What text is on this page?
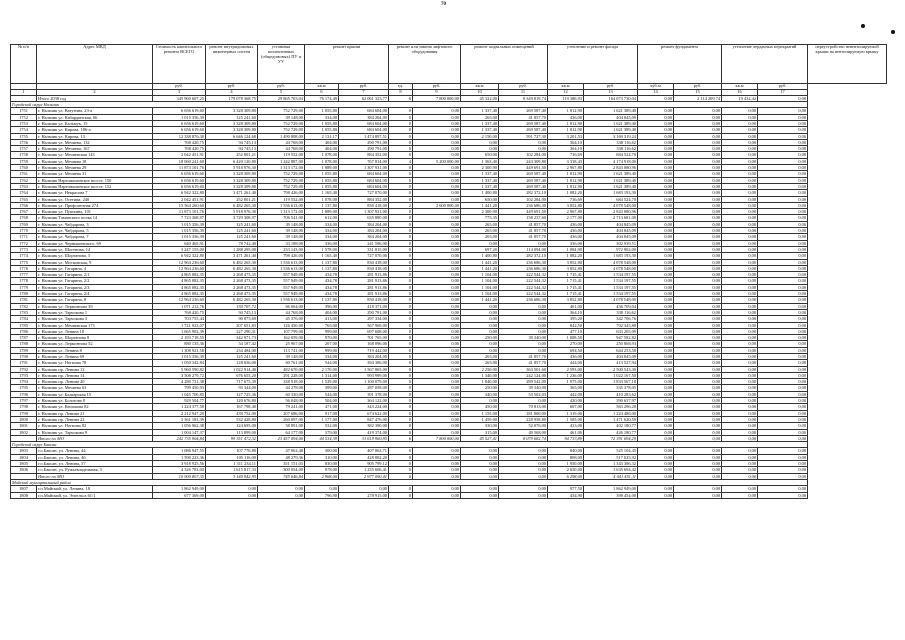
70
№ п/п	Адрес МКД	Стоимость капитального ремонта ВСЕГО	ремонт внутридомовых инженерных систем	установка коллективных (общедомовых) ПУ и УУ	ремонт крыши		ремонт или замена лифтового оборудования		ремонт подвальных помещений		утепление и ремонт фасада		ремонт фундамента		утепление чердачных перекрытий		переустройство невентилируемой крыши на вентилируемую крышу
		руб.	руб.	руб.	кв.м	руб.	ед.	руб.	кв.м	руб.	кв.м	руб.	куб.м	руб.	кв.м	руб.	
1	2	3	4	5	6	7	8	9	10	11	12	13	14	15	16	17	
	Итого 2038 год	345 960 607,25	179 078 368,75	29 865 703,04	76 174,49	62 061 323,77	6	7 800 000,00	45 322,00	8 349 819,74	119 386,93	164 073 730,04	0,00	2 114 209,74	19 432,42	0,00	
Городской округ Нальчик																	
1751	г. Нальчик ул. Ватутина, 23-а	6 656 619,60	3 328 309,80	752 729,00	1 055,80	684 604,00	0	0,00	1 337,40	269 587,40	1 812,90	1 621 389,40	0,00	0,00	0,00	0,00	
1752	г. Нальчик ул. Кабардинская, 66	1 015 356,39	125 241,60	39 148,00	334,00	384 204,00	0	0,00	265,00	41 857,70	436,00	404 845,09	0,00	0,00	0,00	0,00	
1753	г. Нальчик ул. Кальмук, 15	6 656 619,60	3 328 309,80	752 729,00	1 055,80	684 604,00	0	0,00	1 337,40	269 587,40	1 812,90	1 621 389,40	0,00	0,00	0,00	0,00	
1754	г. Нальчик ул. Кирова, 186-а	6 656 619,60	3 328 309,80	752 729,00	1 055,80	684 604,00	0	0,00	1 337,40	269 587,40	1 812,90	1 621 389,40	0,00	0,00	0,00	0,00	
1755	г. Нальчик ул. Кирова, 13	12 338 876,30	6 646 124,68	1 490 808,00	2 131,17	1 474 897,51	0	0,00	2 150,00	591 727,30	3 201,53	3 169 319,24	0,00	0,00	0,00	0,00	
1756	г. Нальчик ул. Мечиева, 132	768 420,75	94 745,13	44 768,00	404,00	290 791,00	0	0,00	0,00	0,00	364,10	338 116,62	0,00	0,00	0,00	0,00	
1757	г. Нальчик ул. Мечиева, 167	768 420,75	94 745,13	44 768,00	404,00	290 791,00	0	0,00	0,00	0,00	364,10	338 116,62	0,00	0,00	0,00	0,00	
1758	г. Нальчик ул. Мечиевская 143	2 042 451,91	252 801,21	119 552,00	1 078,00	884 352,00	0	0,00	650,00	102 284,00	736,69	684 524,70	0,00	0,00	0,00	0,00	
1759	г. Нальчик ул. Мечиева 18	18 060 241,60	6 420 120,80	1 242 887,00	1 078,00	767 814,00	4	5 200 000,00	1 363,40	243 309,80	3 318,43	4 174 918,00	0,00	0,00	0,00	0,00	
1760	г. Нальчик ул. Мечиева 29	11 873 101,76	5 918 976,30	1 313 172,00	1 889,00	1 307 931,00	0	0,00	2 300,90	449 691,50	2 967,80	2 843 080,96	0,00	0,00	0,00	0,00	
1761	г. Нальчик ул. Мечиева 31	6 656 619,60	3 328 309,80	752 729,00	1 055,80	684 604,00	0	0,00	1 337,40	269 587,40	1 812,90	1 621 389,40	0,00	0,00	0,00	0,00	
1762	г. Нальчик Нартшкалинское шоссе, 150	6 656 619,60	3 328 309,80	752 729,00	1 055,80	684 604,00	0	0,00	1 337,40	269 587,40	1 812,90	1 621 389,40	0,00	0,00	0,00	0,00	
1763	г. Нальчик Нартшкалинское шоссе, 152	6 656 619,60	3 328 309,80	752 729,00	1 055,80	684 604,00	0	0,00	1 337,40	269 587,40	1 812,90	1 621 389,40	0,00	0,00	0,00	0,00	
1764	г. Нальчик ул. Некрасова 7	6 942 322,80	3 471 261,40	798 426,00	1 165,40	727 070,00	0	0,00	1 400,80	282 372,10	1 882,20	1 683 193,30	0,00	0,00	0,00	0,00	
1765	г. Нальчик ул. Осетина, 240	2 042 451,91	252 801,21	119 552,00	1 078,00	884 352,00	0	0,00	650,00	102 284,00	736,69	684 524,70	0,00	0,00	0,00	0,00	
1766	г. Нальчик ул. Профсоюзная 274	15 564 260,60	6 482 265,30	1 536 613,00	1 137,80	830 418,00	2	2 600 000,00	1 441,20	236 686,30	3 852,80	4 078 548,00	0,00	0,00	0,00	0,00	
1767	г. Нальчик ул. Пушкина, 101	11 873 101,76	5 918 976,30	1 313 172,00	1 889,00	1 307 931,00	0	0,00	2 300,90	449 691,50	2 967,80	2 843 080,96	0,00	0,00	0,00	0,00	
1768	г. Нальчик Таманского полка 14	7 723 368,97	3 729 308,97	706 541,00	612,00	635 880,00	0	0,00	775,35	158 237,60	2 177,00	2 713 681,00	0,00	0,00	0,00	0,00	
1769	г. Нальчик ул. Чабдарова, 3	1 015 356,39	125 241,60	39 148,00	334,00	384 204,00	0	0,00	265,00	41 857,70	436,00	404 845,09	0,00	0,00	0,00	0,00	
1770	г. Нальчик ул. Чабдарова, 5	1 015 356,39	125 241,60	39 148,00	334,00	384 204,00	0	0,00	265,00	41 857,70	436,00	404 845,09	0,00	0,00	0,00	0,00	
1771	г. Нальчик ул. Чабдарова, 7	1 015 356,39	125 241,60	39 148,00	334,00	384 204,00	0	0,00	265,00	41 857,70	436,00	404 845,09	0,00	0,00	0,00	0,00	
1772	г. Нальчик ул. Чернышевского, 69	640 465,91	78 742,40	33 188,00	336,00	241 596,00	0	0,00	0,00	0,00	336,00	302 939,51	0,00	0,00	0,00	0,00	
1773	г. Нальчик ул. Шогенова, 14	3 247 155,00	1 288 295,00	233 143,00	1 578,00	331 815,00	0	0,00	697,20	114 094,00	1 084,90	972 902,00	0,00	0,00	0,00	0,00	
1774	г. Нальчик ул. Шортанова, 5	6 942 322,80	3 471 261,40	798 426,00	1 165,40	727 070,00	0	0,00	1 400,80	282 372,10	1 882,20	1 683 193,30	0,00	0,00	0,00	0,00	
1775	г. Нальчик ул. Московская, 9	12 964 236,60	6 482 265,30	1 536 613,00	1 137,80	830 418,00	0	0,00	1 441,20	236 686,30	3 852,80	4 078 548,00	0,00	0,00	0,00	0,00	
1776	г. Нальчик ул. Гагарина, 4	12 964 236,60	6 482 265,30	1 536 613,00	1 137,80	830 418,00	0	0,00	1 441,20	236 686,30	3 852,80	4 078 548,00	0,00	0,00	0,00	0,00	
1777	г. Нальчик ул. Гагарина, 2/1	4 865 082,35	2 268 473,35	557 949,00	434,78	281 913,86	0	0,00	1 104,00	222 544,32	1 715,41	1 534 197,55	0,00	0,00	0,00	0,00	
1778	г. Нальчик ул. Гагарина, 2/2	4 865 082,35	2 268 473,35	557 949,00	434,78	281 913,86	0	0,00	1 104,00	222 544,32	1 715,41	1 534 197,55	0,00	0,00	0,00	0,00	
1779	г. Нальчик ул. Гагарина, 2/3	4 865 082,35	2 268 473,35	557 949,00	434,78	281 913,86	0	0,00	1 104,00	222 544,32	1 715,41	1 534 197,55	0,00	0,00	0,00	0,00	
1780	г. Нальчик ул. Гагарина, 2/4	4 865 082,35	2 268 473,35	557 949,00	434,78	281 913,86	0	0,00	1 104,00	222 544,32	1 715,41	1 534 197,55	0,00	0,00	0,00	0,00	
1781	г. Нальчик ул. Гагарина, 8	12 964 236,60	6 482 265,30	1 536 613,00	1 137,80	830 418,00	0	0,00	1 441,20	236 686,30	3 852,80	4 078 548,00	0,00	0,00	0,00	0,00	
1782	г. Нальчик ул. Лермонтова 39	1 071 212,76	139 707,72	66 064,00	396,00	418 371,00	0	0,00	0,00	0,00	461,00	436 709,04	0,00	0,00	0,00	0,00	
1783	г. Нальчик ул. Тарчокова 1	768 420,75	94 745,13	44 768,00	404,00	290 791,00	0	0,00	0,00	0,00	364,10	338 116,62	0,00	0,00	0,00	0,00	
1784	г. Нальчик ул. Тарчокова 3	703 755,44	90 875,69	45 376,00	413,00	297 334,00	0	0,00	0,00	0,00	395,20	342 706,76	0,00	0,00	0,00	0,00	
1785	г. Нальчик ул. Мечиевская 173	1 721 923,07	207 651,83	126 450,00	765,00	567 969,00	0	0,00	0,00	0,00	842,50	702 345,88	0,00	0,00	0,00	0,00	
1786	г. Нальчик ул. Ленина 18	1 665 902,39	227 290,31	107 799,00	999,00	697 608,00	0	0,00	0,00	0,00	477,10	633 205,09	0,00	0,00	0,00	0,00	
1787	г. Нальчик ул. Шортанова 8	2 193 718,55	342 971,73	162 059,00	970,00	701 765,00	0	0,00	250,00	39 340,00	1 008,50	947 582,82	0,00	0,00	0,00	0,00	
1788	г. Нальчик ул. Лермонтова 52	880 135,36	54 187,42	25 967,00	207,00	168 096,00	0	0,00	0,00	0,00	270,00	250 868,93	0,00	0,00	0,00	0,00	
1789	г. Нальчик ул. Ленина 8	1 308 921,58	234 484,00	113 741,00	999,00	719 442,00	0	0,00	0,00	0,00	694,50	644 253,58	0,00	0,00	0,00	0,00	
1790	г. Нальчик ул. Ленина 69	1 015 356,39	125 241,60	39 148,00	334,00	384 204,00	0	0,00	265,00	41 857,70	436,00	404 845,09	0,00	0,00	0,00	0,00	
1791	г. Нальчик ул. Ногмова 78	1 050 342,84	128 636,00	60 761,00	544,00	394 386,00	0	0,00	265,00	41 857,70	444,00	413 527,94	0,00	0,00	0,00	0,00	
1792	г. Нальчик пр. Ленина 12	5 960 590,82	1 022 914,40	482 670,00	2 170,00	1 567 865,00	0	0,00	2 250,00	363 501,60	2 593,00	2 500 543,30	0,00	0,00	0,00	0,00	
1793	г. Нальчик пр. Ленина 14	3 508 279,72	676 655,20	291 228,00	1 314,00	993 999,00	0	0,00	1 340,00	242 124,00	1 236,00	1 022 167,50	0,00	0,00	0,00	0,00	
1794	г. Нальчик пр. Ленина 20	4 280 731,38	717 675,39	338 918,00	1 529,00	1 100 079,00	0	0,00	1 840,00	289 542,00	1 975,00	1 833 567,18	0,00	0,00	0,00	0,00	
1795	г. Нальчик ул. Мечиева 63	799 450,93	93 344,00	44 278,00	399,00	287 058,00	0	0,00	250,00	39 340,00	365,00	335 378,05	0,00	0,00	0,00	0,00	
1796	г. Нальчик ул. Балкарская 15	1 045 700,85	127 725,36	60 330,00	544,00	391 378,00	0	0,00	340,00	53 502,03	442,00	410 283,62	0,00	0,00	0,00	0,00	
1797	г. Нальчик ул. Болотова 8	929 504,77	120 676,80	56 048,00	504,00	364 122,00	0	0,00	0,00	0,00	420,00	390 657,97	0,00	0,00	0,00	0,00	
1798	г. Нальчик ул. Кешокова 82	1 224 377,58	167 798,40	79 241,00	471,00	343 224,00	0	0,00	450,00	70 813,00	607,00	563 296,28	0,00	0,00	0,00	0,00	
1799	г. Нальчик пр. Ленина 21	2 212 947,20	439 752,00	207 686,00	917,00	674 622,00	0	0,00	1 155,00	181 800,00	1 319,00	1 224 486,00	0,00	0,00	0,00	0,00	
1800	г. Нальчик пр. Ленина 22	3 361 181,39	532 428,80	260 097,00	1 177,00	847 476,00	0	0,00	1 459,00	228 958,80	1 585,00	1 471 620,59	0,00	0,00	0,00	0,00	
1801	г. Нальчик ул. Ногмова 82	1 056 962,38	124 695,00	58 891,00	532,00	382 390,00	0	0,00	330,00	52 076,00	433,00	402 180,77	0,00	0,00	0,00	0,00	
1802	г. Нальчик ул. Тарчокова 9	1 004 147,37	113 899,00	64 177,00	379,00	419 374,00	0	0,00	315,00	49 568,00	461,00	426 180,77	0,00	0,00	0,00	0,00	
	Итого по МО	242 735 904,84	99 351 472,32	23 457 094,00	44 534,39	31 619 960,95	6	7 800 000,00	45 527,41	8 079 682,74	94 733,89	72 391 694,29	0,00	0,00	0,00	0,00	
Городской округ Баксан																	
1803	г.о.Баксан, ул. Ленина, 44	1 086 947,55	107 776,80	47 062,48	300,00	407 063,71	0	0,00	0,00	0,00	840,00	525 104,45	0,00	0,00	0,00	0,00	
1804	г.о.Баксан, ул. Ленина, 46	1 590 223,36	105 116,00	48 279,36	310,00	428 802,20	0	0,00	0,00	0,00	808,00	517 025,92	0,00	0,00	0,00	0,00	
1805	г.о.Баксан, ул. Ленина, 57	3 918 925,56	1 311 234,11	351 151,03	830,00	905 799,12	0	0,00	0,00	0,00	1 950,00	1 343 386,32	0,00	0,00	0,00	0,00	
1806	г.о.Баксан, ул. Ружьевладельная, 3	4 326 783,00	1 615 817,33	300 054,00	978,00	1 235 606,41	0	0,00	0,00	0,00	2 650,00	1 635 694,42	0,00	0,00	0,00	0,00	
	Итого по МО	10 900 807,35	3 140 942,95	745 646,84	2 968,00	2 977 090,41	0	0,00	0,00	0,00	6 298,00	4 041 451,11	0,00	0,00	0,00	0,00	
Майский муниципальный район																	
1807	г.п.Майский, ул. Ленина, 18	1 862 949,00	0,00	0,00	0,00	0,00	0	0,00	0,00	0,00	977,50	1 862 949,00	0,00	0,00	0,00	0,00	
1808	г.п.Майский, ул. Энгельса 61/1	677 369,00	0,00	0,00	796,90	278 915,00	0	0,00	0,00	0,00	434,90	398 454,00	0,00	0,00	0,00	0,00	
